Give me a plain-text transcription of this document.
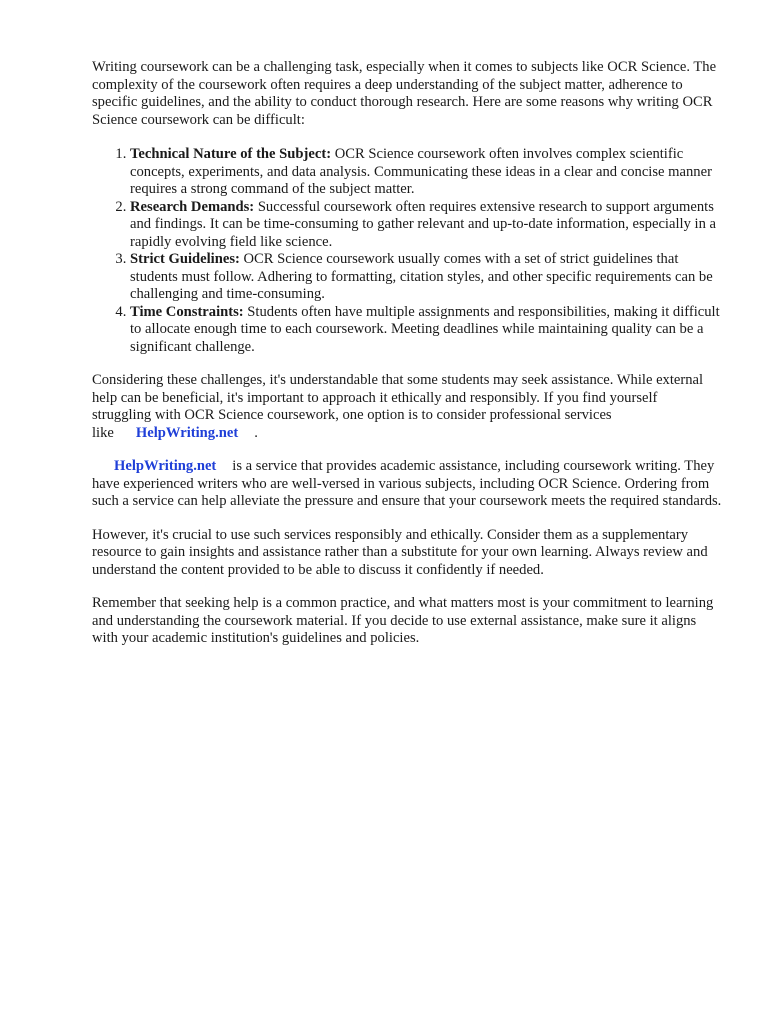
Writing coursework can be a challenging task, especially when it comes to subjects like OCR Science. The complexity of the coursework often requires a deep understanding of the subject matter, adherence to specific guidelines, and the ability to conduct thorough research. Here are some reasons why writing OCR Science coursework can be difficult:

1. Technical Nature of the Subject: OCR Science coursework often involves complex scientific concepts, experiments, and data analysis. Communicating these ideas in a clear and concise manner requires a strong command of the subject matter.
2. Research Demands: Successful coursework often requires extensive research to support arguments and findings. It can be time-consuming to gather relevant and up-to-date information, especially in a rapidly evolving field like science.
3. Strict Guidelines: OCR Science coursework usually comes with a set of strict guidelines that students must follow. Adhering to formatting, citation styles, and other specific requirements can be challenging and time-consuming.
4. Time Constraints: Students often have multiple assignments and responsibilities, making it difficult to allocate enough time to each coursework. Meeting deadlines while maintaining quality can be a significant challenge.

Considering these challenges, it's understandable that some students may seek assistance. While external help can be beneficial, it's important to approach it ethically and responsibly. If you find yourself struggling with OCR Science coursework, one option is to consider professional services like HelpWriting.net .

HelpWriting.net is a service that provides academic assistance, including coursework writing. They have experienced writers who are well-versed in various subjects, including OCR Science. Ordering from such a service can help alleviate the pressure and ensure that your coursework meets the required standards.

However, it's crucial to use such services responsibly and ethically. Consider them as a supplementary resource to gain insights and assistance rather than a substitute for your own learning. Always review and understand the content provided to be able to discuss it confidently if needed.

Remember that seeking help is a common practice, and what matters most is your commitment to learning and understanding the coursework material. If you decide to use external assistance, make sure it aligns with your academic institution's guidelines and policies.
